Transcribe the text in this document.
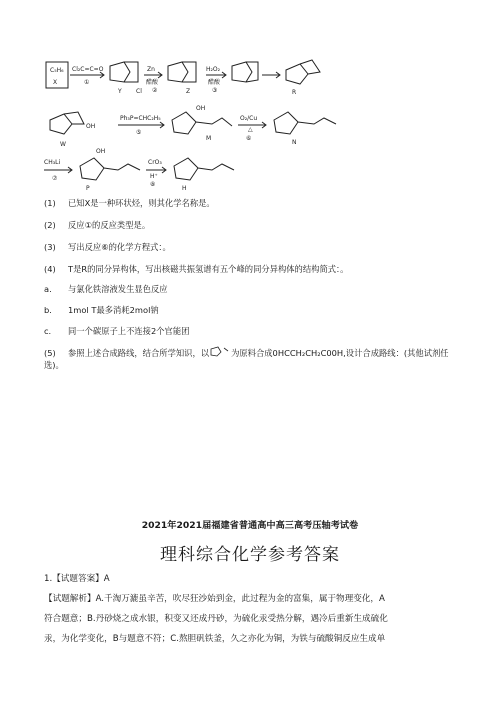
C₅H₆
X
Cl₂C=C=O
①
Y Cl
Zn
醋酸
②	Z
H₂O₂
醋酸
③	R
OH
W
Ph₃P=CHC₂H₅
⑤
OH
M
O₂/Cu
△
⑥
N
CH₃Li
⑦
OH
P
CrO₃
H⁺
⑧
H
(1) 已知X是一种环状烃，则其化学名称是。
(2) 反应①的反应类型是。
(3) 写出反应⑥的化学方程式：。
(4) T是R的同分异构体，写出核磁共振氢谱有五个峰的同分异构体的结构简式：。
a. 与氯化铁溶液发生显色反应
b. 1mol T最多消耗2mol钠
c. 同一个碳原子上不连接2个官能团
(5) 参照上述合成路线，结合所学知识，以	为原料合成0HCCH₂CH₂C00H,设计合成路线：(其他试剂任选)。
2021年2021届福建省普通高中高三高考压轴考试卷
理科综合化学参考答案
1.【试题答案】A
【试题解析】A.千淘万漉虽辛苦，吹尽狂沙始到金，此过程为金的富集，属于物理变化，A
符合题意；B.丹砂烧之成水银，积变又还成丹砂，为硫化汞受热分解，遇冷后重新生成硫化
汞，为化学变化，B与题意不符；C.熬胆矾铁釜，久之亦化为铜，为铁与硫酸铜反应生成单
